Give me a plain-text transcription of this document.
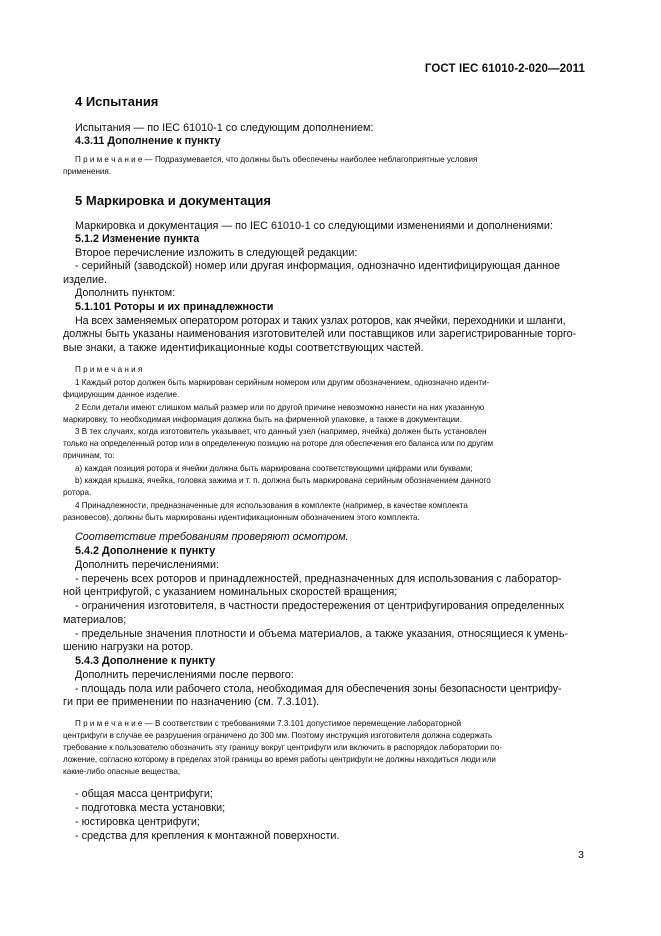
ГОСТ IEC 61010-2-020—2011

4 Испытания

Испытания — по IEC 61010-1 со следующим дополнением:

4.3.11 Дополнение к пункту

П р и м е ч а н и е — Подразумевается, что должны быть обеспечены наиболее неблагоприятные условия

применения.

5 Маркировка и документация

Маркировка и документация — по IEC 61010-1 со следующими изменениями и дополнениями:

5.1.2 Изменение пункта

Второе перечисление изложить в следующей редакции:

- серийный (заводской) номер или другая информация, однозначно идентифицирующая данное

изделие.

Дополнить пунктом:

5.1.101 Роторы и их принадлежности

На всех заменяемых оператором роторах и таких узлах роторов, как ячейки, переходники и шланги,

должны быть указаны наименования изготовителей или поставщиков или зарегистрированные торго-

вые знаки, а также идентификационные коды соответствующих частей.

П р и м е ч а н и я

1 Каждый ротор должен быть маркирован серийным номером или другим обозначением, однозначно иденти-

фицирующим данное изделие.

2 Если детали имеют слишком малый размер или по другой причине невозможно нанести на них указанную

маркировку, то необходимая информация должна быть на фирменной упаковке, а также в документации.

3 В тех случаях, когда изготовитель указывает, что данный узел (например, ячейка) должен быть установлен

только на определенный ротор или в определенную позицию на роторе для обеспечения его баланса или по другим

причинам, то:

а) каждая позиция ротора и ячейки должна быть маркирована соответствующими цифрами или буквами;

b) каждая крышка, ячейка, головка зажима и т. п. должна быть маркирована серийным обозначением данного

ротора.

4 Принадлежности, предназначенные для использования в комплекте (например, в качестве комплекта

разновесов), должны быть маркированы идентификационным обозначением этого комплекта.

Соответствие требованиям проверяют осмотром.

5.4.2 Дополнение к пункту

Дополнить перечислениями:

- перечень всех роторов и принадлежностей, предназначенных для использования с лаборатор-

ной центрифугой, с указанием номинальных скоростей вращения;

- ограничения изготовителя, в частности предостережения от центрифугирования определенных

материалов;

- предельные значения плотности и объема материалов, а также указания, относящиеся к умень-

шению нагрузки на ротор.

5.4.3 Дополнение к пункту

Дополнить перечислениями после первого:

- площадь пола или рабочего стола, необходимая для обеспечения зоны безопасности центрифу-

ги при ее применении по назначению (см. 7.3.101).

П р и м е ч а н и е — В соответствии с требованиями 7.3.101 допустимое перемещение лабораторной

центрифуги в случае ее разрушения ограничено до 300 мм. Поэтому инструкция изготовителя должна содержать

требование к пользователю обозначить эту границу вокруг центрифуги или включить в распорядок лаборатории по-

ложение, согласно которому в пределах этой границы во время работы центрифуги не должны находиться люди или

какие-либо опасные вещества;

- общая масса центрифуги;

- подготовка места установки;

- юстировка центрифуги;

- средства для крепления к монтажной поверхности.

3
